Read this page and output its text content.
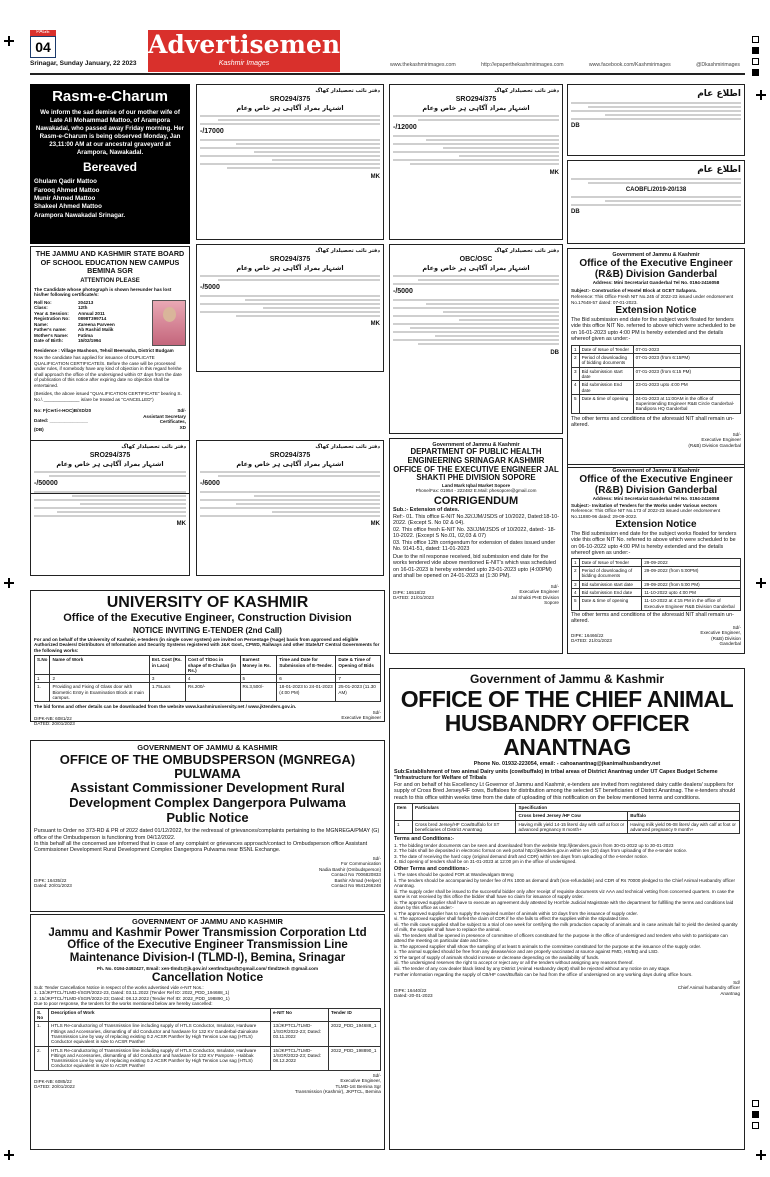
PAGE
04
Srinagar, Sunday January, 22 2023
Advertisement
Kashmir Images	www.thekashmirimages.com	http://epaperthekashmirimages.com	www.facebook.com/Kashmirimages	@Dkashmirimages
Rasm-e-Charum
We inform the sad demise of our mother wife of Late Ali Mohammad Mattoo, of Arampora Nawakadal, who passed away Friday morning. Her Rasm-e-Charum is being observed Monday, Jan 23,11:00 AM at our ancestral graveyard at Arampora, Nawakadal.
Bereaved
Ghulam Qadir Mattoo
Farooq Ahmed Mattoo
Munir Ahmed Mattoo
Shakeel Ahmed Mattoo
Arampora Nawakadal Srinagar.
THE JAMMU AND KASHMIR STATE BOARD OF SCHOOL EDUCATION NEW CAMPUS BEMINA SGR
ATTENTION PLEASE
The Candidate whose photograph is shown hereunder has lost his/her following certificate/s:
Roll No:	204213
Class:	12th
Year & Session:	Annual 2011
Registration No:	0898T399714
Name:	Zareena Parveen
Father's name:	Ab Rashid Malik
Mother's Name:	Fatima
Date of Birth:	15/02/1994
Residence : Village Mashoon, Tehsil Beerwaha, District Budgam
Now the candidate has applied for issuance of DUPLICATE QUALIFICATION CERTIFICATE/S. Before the case will be processed under rules, if somebody have any kind of objection in this regard he/she shall approach the office of the undersigned within 07 days from the date of publication of this notice after expiring date no objection shall be entertained.
(Besides, the above issued "QUALIFICATION CERTIFICATE" bearing S. No.\ ______________ is/are be treated as "CANCELLED")
No: F(Certi-I-HOC)B/XD/20
Dated: _______________
(DB)
Sd/-
Assistant Secretary
Certificates,
XD
دفتر نائب تحصیلدار کھاگ
SRO294/375
اشتہار بمراد آگاہی ہر خاص وعام
-/17000
MK
دفتر نائب تحصیلدار کھاگ
SRO294/375
اشتہار بمراد آگاہی ہر خاص وعام
-/5000
MK
دفتر نائب تحصیلدار کھاگ
SRO294/375
اشتہار بمراد آگاہی ہر خاص وعام
-/50000
MK
دفتر نائب تحصیلدار کھاگ
SRO294/375
اشتہار بمراد آگاہی ہر خاص وعام
-/6000
MK
دفتر نائب تحصیلدار کھاگ
SRO294/375
اشتہار بمراد آگاہی ہر خاص وعام
-/12000
MK
دفتر نائب تحصیلدار کھاگ
OBC/OSC
اشتہار بمراد آگاہی ہر خاص وعام
-/5000
DB
اطلاع عام
DB
اطلاع عام
CAOBFL/2019-20/138
DB
Government of Jammu & Kashmir
Office of the Executive Engineer (R&B) Division Ganderbal
Address: Mini Secretariat Ganderbal Tel No. 0194-2416058
Subject:- Construction of Hostel Block at GCET Safapora.
Reference: This Office Fresh NIT No.245 of 2022-23 issued under endorsement No.17648-57 dated: 07-01-2023.
Extension Notice
The Bid submission end date for the subject work floated for tenders vide this office NIT No. referred to above which were scheduled to be on 16-01-2023 upto 4:00 PM is hereby extended and the details whereof given as under:-
1	Date of Issue of Tender	07-01-2023
2	Period of downloading of bidding documents	07-01-2023 (from 6:15PM)
3	Bid submission start date	07-01-2023 (from 6:15 PM)
4	Bid submission End date	23-01-2023 upto 4:00 PM
5	Date & time of opening	24-01-2023 at 11:00AM in the office of Superintending Engineer R&B Circle Ganderbal-Bandipora HQ Ganderbal
The other terms and conditions of the aforesaid NIT shall remain un-altered.
Sd/-
Executive Engineer
(R&B) Division Ganderbal
Government of Jammu & Kashmir
Office of the Executive Engineer (R&B) Division Ganderbal
Address: Mini Secretariat Ganderbal Tel No. 0194-2416058
Subject:- Invitation of Tenders for the Works under Various sectors
Reference: This Office NIT No.173 of 2022-23 issued under endorsement No.11880-96 dated: 29-09-2022.
Extension Notice
The Bid submission end date for the subject works floated for tenders vide this office NIT No. referred to above which were scheduled to be on 06-10-2022 upto 4:00 PM is hereby extended and the details whereof given as under:-
1	Date of Issue of Tender	29-09-2022
2	Period of downloading of bidding documents	29-09-2022 (from 5:00PM)
3	Bid submission start date	29-09-2022 (from 5:00 PM)
4	Bid submission End date	11-10-2022 upto 4:00 PM
5	Date & time of opening	11-10-2022 at 4:15 PM in the office of Executive Engineer R&B Division Ganderbal
The other terms and conditions of the aforesaid NIT shall remain un-altered.
DIPK: 16466/22
DATED: 21/01/2023
Sd/-
Executive Engineer,
(R&B) Division
Ganderbal
Government of Jammu & Kashmir
DEPARTMENT OF PUBLIC HEALTH ENGINEERING SRINAGAR KASHMIR
OFFICE OF THE EXECUTIVE ENGINEER JAL SHAKTI PHE DIVISION SOPORE
Land Mark Iqbal Market Sopore
Phone/Fax: 01954 - 222482 E.Mail: phesopore@gmail.com
CORRIGENDUM
Sub.:- Extension of dates.
Ref:- 01. This office E-NIT No.32/JJM/JSDS of 10/2022, Dated:18-10- 2022. (Except S. No 02 & 04).
02. This office fresh E-NIT No. 33/JJM/JSDS of 10/2022, dated:- 18-10-2022. (Except S No.01, 02,03 & 07)
03. This office 12th corrigendum for extension of dates issued under No. 9141-51, dated: 11-01-2023
Due to the nil response received, bid submission end date for the works tendered vide above mentioned E-NIT's which was scheduled on 16-01-2023 is hereby extended upto 23-01-2023 upto (4:00PM) and shall be opened on 24-01-2023 at (1:30 PM).
DIPK: 16518/22
DATED: 21/01/2023
Sd/-
Executive Engineer
Jal Shakti PHE Division
Sopore
UNIVERSITY OF KASHMIR
Office of the Executive Engineer, Construction Division
NOTICE INVITING E-TENDER (2nd Call)
For and on behalf of the University of Kashmir, e-tenders (in single cover system) are invited on Percentage (%age) basis from approved and eligible Authorized Dealers/ Distributors of Information and Security Systems registered with J&K Govt., CPWD, Railways and other State/UT Central Governments for the following works:
S.No	Name of Work	Est. Cost (Rs. in Lacs)	Cost of T/Doc in shape of E-Challan (in Rs.)	Earnest Money in Rs.	Time and Date for Submission of E-Tender.	Date & Time of Opening of Bids
1	2	3	4	5	6	7
1.	Providing and Fixing of Glass door with Biometric Entry in Examination Block at main campus.	1.75Lacs	Rs.200/-	Rs.3,500/-	18-01-2023 to 24-01-2023 (4:00 PM)	25-01-2023 (11.30 AM)
The bid forms and other details can be downloaded from the website www.kashmiruniversity.net / www.jktenders.gov.in.
DIPK-NB: 6081/22
DATED: 20/01/2023
Sd/-
Executive Engineer
GOVERNMENT OF JAMMU & KASHMIR
OFFICE OF THE OMBUDSPERSON (MGNREGA) PULWAMA
Assistant Commissioner Development Rural Development Complex Dangerpora Pulwama
Public Notice
Pursuant to Order no 373-RD & PR of 2022 dated 01/12/2022, for the redressal of grievances/complaints pertaining to the MGNREGA/PMAY (G) office of the Ombudsperson is functioning from 04/12/2022.
In this behalf all the concerned are informed that in case of any complaint or grievances approach/contact to Ombudsperson office Assistant Commissioner Development Rural Development Complex Dangerpora Pulwama near BSNL Exchange.
DIPK: 16435/22
Dated: 20/01/2023
Sd/-
For Communication
Nadia Bashir (Ombudsperson)
Contact No 7006820833
Bashir Ahmad (Helper)
Contact No 9541266248
GOVERNMENT OF JAMMU AND KASHMIR
Jammu and Kashmir Power Transmission Corporation Ltd
Office of the Executive Engineer Transmission Line Maintenance Division-I (TLMD-I), Bemina, Srinagar
Ph. No. 0194-2492427, Email: xen-tlmd1@jk.gov.in/ xentlmd1psdt@gmail.com/ tlmd1tech @gmail.com
Cancellation Notice
Sub: Tender Cancellation Notice in respect of the works advertised vide e-NIT Nos.:
1. 13/JKPTCL/TLMD-I/SGR/2022-23, Dated: 03.11.2022 (Tender Ref ID: 2022_PDD_194688_1)
2. 15/JKPTCL/TLMD-I/SGR/2022-23; Dated: 08.12.2022 (Tender Ref ID: 2022_PDD_198890_1)
Due to poor response, the tenders for the works mentioned below are hereby cancelled:
S. No	Description of Work	e-NIT No	Tender ID
1.	HTLS Re-conductoring of Transmission line including supply of HTLS Conductor, Insulator, Hardware Fittings and Accessories, dismantling of old Conductor and hardware for 132 KV Ganderbal-Zainakote Transmission Line by way of replacing existing 0.2 ACSR Panther by High Tension Low sag (HTLS) Conductor equivalent in size to ACSR Panther	13/JKPTCL/TLMD-1/SGR/2022-23; Dated: 03.11.2022	2022_PDD_194688_1
2.	HTLS Re-conductoring of Transmission line including supply of HTLS Conductor, Insulator, Hardware Fittings and Accessories, dismantling of old Conductor and hardware for 132 KV Pampore - Habbak Transmission Line by way of replacing existing 0.2 ACSR Panther by High Tension Low sag (HTLS) Conductor equivalent in size to ACSR Panther	15/JKPTCL/TLMD-1/SGR/2022-23; Dated: 08.12.2022	2022_PDD_198890_1
DIPK-NB: 6085/22
DATED: 20/01/2022
Sd/-
Executive Engineer,
TLMD-1st Bemina Sgr
Transmission (Kashmir), JKPTCL, Bemina
Government of Jammu & Kashmir
OFFICE OF THE CHIEF ANIMAL
HUSBANDRY OFFICER ANANTNAG
Phone No. 01932-223054, email: - cahoanantnag@jkanimalhusbandry.net
Sub:Establishment of two animal Dairy units (cow/buffalo) in tribal areas of District Anantnag under UT Capex Budget Scheme "Infrastructure for Welfare of Tribals
For and on behalf of his Excellency Lt Governor of Jammu and Kashmir, e-tenders are invited from registered dairy cattle dealers/ suppliers for supply of Cross Bred Jersey/HF cows, Buffaloes for distribution among the selected ST beneficiaries of District Anantnag. The e-tenders should reach to this office within weeks time from the date of uploading of this notification on the below mentioned terms and conditions.
Item	Particulars	Specification	
		Cross breed Jersey /HF Cow	Buffalo
1	Cross bred Jersey/HF Cow/Buffalo for ST beneficiaries of District Anantnag	Having milk yield 14-15 liters/ day with calf at foot or advanced pregnancy 8 month+	Having milk yield 06-08 liters/ day with calf at foot or advanced pregnancy 9 month+
Terms and Conditions:-
1. The bidding tender documents can be seen and downloaded from the website http://jktenders.gov.in from 30-01-2022 up to 30-01-2023
2. The bids shall be deposited in electronic format on web portal http://jktenders.gov.in within ten (10) days from uploading of the e-tender notice.
3. The date of receiving the hard copy (original demand draft and CDR) within ten days from uploading of the e-tender notice.
4. Bid opening of tenders shall be on 31-01-2023 at 12:00 pm in the office of undersigned.
Other Terms and conditions:-
i. The rates should be quoted FOR at Wandevalgam Breng
ii. The tenders should be accompanied by tender fee of Rs 1000 as demand draft (non-refundable) and CDR of Rs 70000 pledged to the Chief Animal Husbandry officer Anantnag.
iii. The supply order shall be issued to the successful bidder only after receipt of requisite documents viz AAA and technical vetting from concerned quarters. In case the same is not received by this office the bidder shall have no claim for issuance of supply order.
iv. The approved supplier shall have to execute an agreement duly attested by Hon'ble Judicial Magistrate with the department for fulfilling the terms and conditions laid down by this office as under:-
v. The approved supplier has to supply the required number of animals within 10 days from the issuance of supply order.
vi. The approved supplier shall forfeit the claim of CDR if he she fails to effect the supplies within the stipulated time.
vii. The milk cows supplied shall be subject to a trial of one week for certifying the milk production capacity of animals and in case animals fail to yield the desired quantity of milk, the supplier shall have to replace the animal.
viii. The tenders shall be opened in presence of committee of officers constituted for the purpose in the office of undersigned and tenders who wish to participate can attend the meeting on particular date and time.
ix. The approved supplier shall show the sampling of at least 5 animals to the committee constituted for the purpose at the issuance of the supply order.
x. The animal supplied should be free from any disease/vice and are properly vaccinated at source against FMD, HS/BQ and LSD.
Xi The target of supply of animals should increase or decrease depending on the availability of funds.
xii. The undersigned reserves the right to accept or reject any or all the tenders without assigning any reasons thereof.
xiii. The tender of any cow dealer black listed by any District (Animal Husbandry deptt) shall be rejected without any notice on any stage.
Further information regarding the supply of CB/HF cows/Buffalo can be had from the office of undersigned on any working days during office hours.
DIPK: 16440/22
Dated:-20-01-2023
Sd/
Chief Animal husbandry officer
Anantnag
